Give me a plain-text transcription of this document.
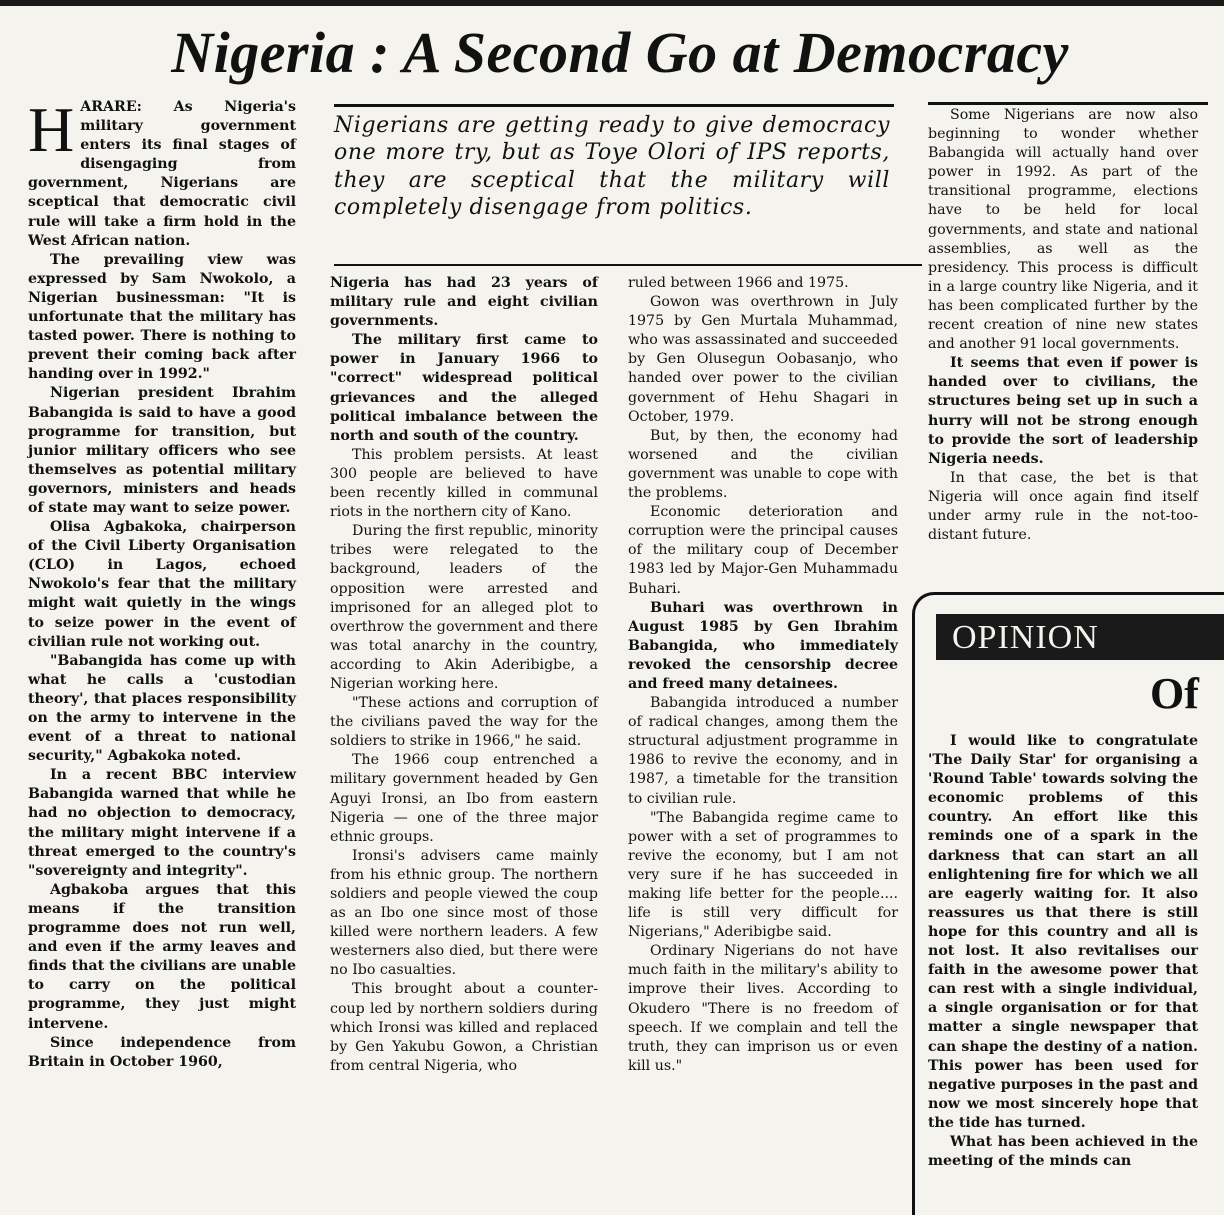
Nigeria : A Second Go at Democracy

Nigerians are getting ready to give democracy one more try, but as Toye Olori of IPS reports, they are sceptical that the military will completely disengage from politics.

HARARE: As Nigeria's military government enters its final stages of disengaging from government, Nigerians are sceptical that democratic civil rule will take a firm hold in the West African nation.

The prevailing view was expressed by Sam Nwokolo, a Nigerian businessman: "It is unfortunate that the military has tasted power. There is nothing to prevent their coming back after handing over in 1992."

Nigerian president Ibrahim Babangida is said to have a good programme for transition, but junior military officers who see themselves as potential military governors, ministers and heads of state may want to seize power.

Olisa Agbakoka, chairperson of the Civil Liberty Organisation (CLO) in Lagos, echoed Nwokolo's fear that the military might wait quietly in the wings to seize power in the event of civilian rule not working out.

"Babangida has come up with what he calls a 'custodian theory', that places responsibility on the army to intervene in the event of a threat to national security," Agbakoka noted.

In a recent BBC interview Babangida warned that while he had no objection to democracy, the military might intervene if a threat emerged to the country's "sovereignty and integrity".

Agbakoba argues that this means if the transition programme does not run well, and even if the army leaves and finds that the civilians are unable to carry on the political programme, they just might intervene.

Since independence from Britain in October 1960,

Nigeria has had 23 years of military rule and eight civilian governments.

The military first came to power in January 1966 to "correct" widespread political grievances and the alleged political imbalance between the north and south of the country.

This problem persists. At least 300 people are believed to have been recently killed in communal riots in the northern city of Kano.

During the first republic, minority tribes were relegated to the background, leaders of the opposition were arrested and imprisoned for an alleged plot to overthrow the government and there was total anarchy in the country, according to Akin Aderibigbe, a Nigerian working here.

"These actions and corruption of the civilians paved the way for the soldiers to strike in 1966," he said.

The 1966 coup entrenched a military government headed by Gen Aguyi Ironsi, an Ibo from eastern Nigeria — one of the three major ethnic groups.

Ironsi's advisers came mainly from his ethnic group. The northern soldiers and people viewed the coup as an Ibo one since most of those killed were northern leaders. A few westerners also died, but there were no Ibo casualties.

This brought about a counter-coup led by northern soldiers during which Ironsi was killed and replaced by Gen Yakubu Gowon, a Christian from central Nigeria, who

ruled between 1966 and 1975.

Gowon was overthrown in July 1975 by Gen Murtala Muhammad, who was assassinated and succeeded by Gen Olusegun Oobasanjo, who handed over power to the civilian government of Hehu Shagari in October, 1979.

But, by then, the economy had worsened and the civilian government was unable to cope with the problems.

Economic deterioration and corruption were the principal causes of the military coup of December 1983 led by Major-Gen Muhammadu Buhari.

Buhari was overthrown in August 1985 by Gen Ibrahim Babangida, who immediately revoked the censorship decree and freed many detainees.

Babangida introduced a number of radical changes, among them the structural adjustment programme in 1986 to revive the economy, and in 1987, a timetable for the transition to civilian rule.

"The Babangida regime came to power with a set of programmes to revive the economy, but I am not very sure if he has succeeded in making life better for the people.... life is still very difficult for Nigerians," Aderibigbe said.

Ordinary Nigerians do not have much faith in the military's ability to improve their lives. According to Okudero "There is no freedom of speech. If we complain and tell the truth, they can imprison us or even kill us."

Some Nigerians are now also beginning to wonder whether Babangida will actually hand over power in 1992. As part of the transitional programme, elections have to be held for local governments, and state and national assemblies, as well as the presidency. This process is difficult in a large country like Nigeria, and it has been complicated further by the recent creation of nine new states and another 91 local governments.

It seems that even if power is handed over to civilians, the structures being set up in such a hurry will not be strong enough to provide the sort of leadership Nigeria needs.

In that case, the bet is that Nigeria will once again find itself under army rule in the not-too-distant future.

OPINION
Of

I would like to congratulate 'The Daily Star' for organising a 'Round Table' towards solving the economic problems of this country. An effort like this reminds one of a spark in the darkness that can start an all enlightening fire for which we all are eagerly waiting for. It also reassures us that there is still hope for this country and all is not lost. It also revitalises our faith in the awesome power that can rest with a single individual, a single organisation or for that matter a single newspaper that can shape the destiny of a nation. This power has been used for negative purposes in the past and now we most sincerely hope that the tide has turned.

What has been achieved in the meeting of the minds can
